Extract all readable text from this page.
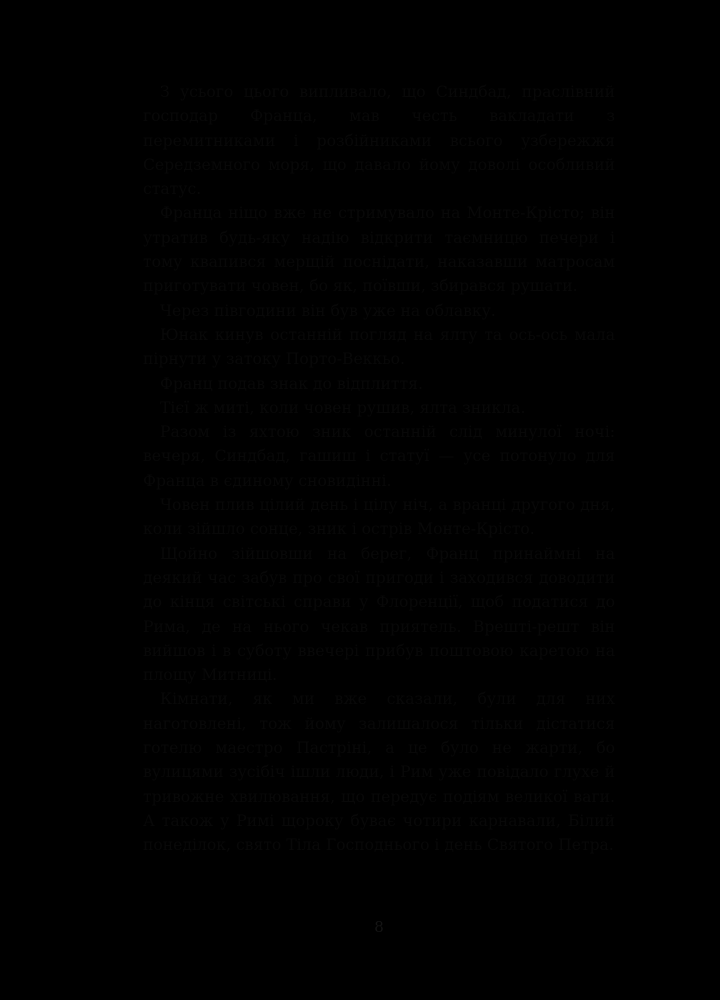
З усього цього випливало, що Синдбад, праслівний господар Франца, мав честь вакладати з перемитниками і розбійниками всього узбережжя Середземного моря, що давало йому доволі особливий статус.

Франца ніщо вже не стримувало на Монте-Крісто; він утратив будь-яку надію відкрити таємницю печери і тому квапився мерщій поснідати, наказавши матросам приготувати човен, бо як, поївши, збирався рушати.

Через півгодини він був уже на облавку.

Юнак кинув останній погляд на ялту та ось-ось мала пірнути у затоку Порто-Веккьо.

Франц подав знак до відплиття.

Тієї ж миті, коли човен рушив, ялта зникла.

Разом із яхтою зник останній слід минулої ночі: вечеря, Синдбад, гашиш і статуї — усе потонуло для Франца в єдиному сновидінні.

Човен плив цілий день і цілу ніч, а вранці другого дня, коли зійшло сонце, зник і острів Монте-Крісто.

Щойно зійшовши на берег, Франц принаймні на деякий час забув про свої пригоди і заходився доводити до кінця світські справи у Флоренції, щоб податися до Рима, де на нього чекав приятель. Врешті-решт він вийшов і в суботу ввечері прибув поштовою каретою на площу Митниці.

Кімнати, як ми вже сказали, були для них наготовлені, тож йому залишалося тільки дістатися готелю маестро Пастріні, а це було не жарти, бо вулицями зусібіч ішли люди, і Рим уже повідало глухе й тривожне хвилювання, що передує подіям великої ваги. А також у Римі щороку буває чотири карнавали, Білий понеділок, свято Тіла Господнього і день Святого Петра.

8
